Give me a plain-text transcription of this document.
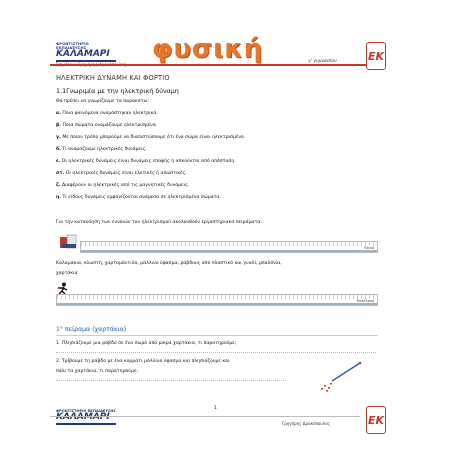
ΦΡΟΝΤΙΣΤΗΡΙΟ ΕΚΠΑΙΔΕΥΣΗΣ
ΚΑΛΑΜΑΡΙ φυσική	γ' γυμνασίου	ΕΚ
ΗΛΕΚΤΡΙΚΗ ΔΥΝΑΜΗ ΚΑΙ ΦΟΡΤΙΟ
1.1Γνωριμία με την ηλεκτρική δύναμη
Θα πρέπει να γνωρίζουμε τα παρακάτω:
α. Ποια φαινόμενα ονομάστηκαν ηλεκτρικά.
β. Ποια σώματα ονομάζουμε ηλεκτρισμένα.
γ. Με ποιον τρόπο μπορούμε να διαπιστώσουμε ότι ένα σώμα είναι ηλεκτρισμένο.
δ. Τι ονομάζουμε ηλεκτρικές δυνάμεις.
ε. Οι ηλεκτρικές δυνάμεις είναι δυνάμεις επαφής ή ασκούνται από απόσταση.
στ. Οι ηλεκτρικές δυνάμεις είναι ελκτικές ή απωστικές.
ζ. Διαφέρουν οι ηλεκτρικές από τις μαγνητικές δυνάμεις.
η. Τι είδους δυνάμεις εμφανίζονται ανάμεσα σε ηλεκτρισμένα σώματα.
Για την κατανόηση των εννοιών του ηλεκτρισμού ακολουθούν εργαστηριακά πειράματα.
Υλικά
Καλαμάκια, κλωστή, χαρτομάντιλο, μάλλινο ύφασμα, ράβδους από πλαστικό και γυαλί, μπαλόνια,
χαρτάκια
Εκτέλεση
1° πείραμα (χαρτάκια)
1. Πλησιάζουμε μια ράβδο σε ένα σωρό από μικρά χαρτάκια, τι παρατηρούμε;
2. Τρίβουμε τη ράβδο με ένα κομμάτι μάλλινο ύφασμα και πλησιάζουμε και
πάλι τα χαρτάκια, τι παρατηρούμε;
1
ΦΡΟΝΤΙΣΤΗΡΙΟ ΕΚΠΑΙΔΕΥΣΗΣ
ΚΑΛΑΜΑΡΙ
Γρηγόρης Δρακόπουλος	ΕΚ
